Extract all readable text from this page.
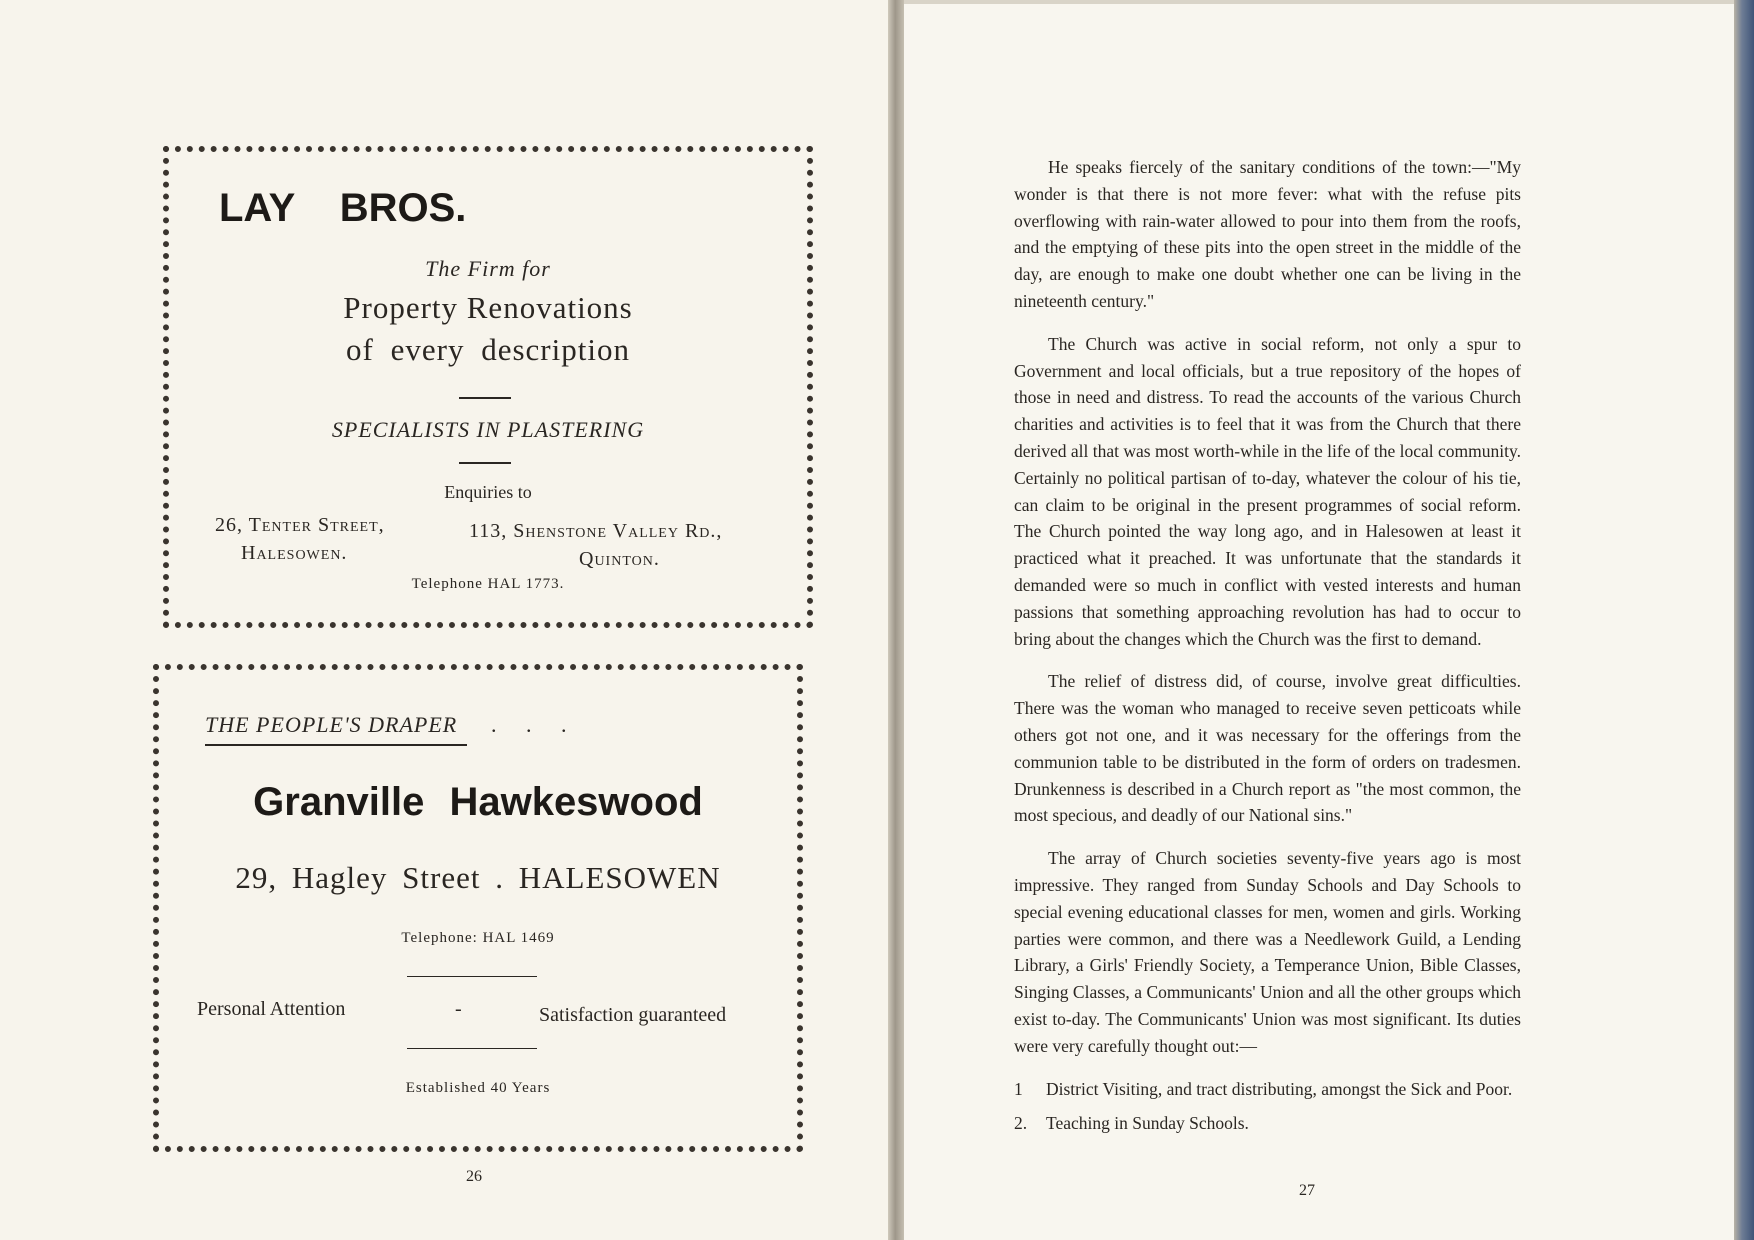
LAY BROS.
The Firm for
Property Renovations
of every description
SPECIALISTS IN PLASTERING
Enquiries to
26, Tenter Street,
Halesowen.
113, Shenstone Valley Rd.,
Quinton.
Telephone HAL 1773.
THE PEOPLE'S DRAPER . . .
Granville Hawkeswood
29, Hagley Street . HALESOWEN
Telephone: HAL 1469
Personal Attention	-	Satisfaction guaranteed
Established 40 Years
26

He speaks fiercely of the sanitary conditions of the town:—"My wonder is that there is not more fever: what with the refuse pits overflowing with rain-water allowed to pour into them from the roofs, and the emptying of these pits into the open street in the middle of the day, are enough to make one doubt whether one can be living in the nineteenth century."

The Church was active in social reform, not only a spur to Government and local officials, but a true repository of the hopes of those in need and distress. To read the accounts of the various Church charities and activities is to feel that it was from the Church that there derived all that was most worth-while in the life of the local community. Certainly no political partisan of to-day, whatever the colour of his tie, can claim to be original in the present programmes of social reform. The Church pointed the way long ago, and in Halesowen at least it practiced what it preached. It was unfortunate that the standards it demanded were so much in conflict with vested interests and human passions that something approaching revolution has had to occur to bring about the changes which the Church was the first to demand.

The relief of distress did, of course, involve great difficulties. There was the woman who managed to receive seven petticoats while others got not one, and it was necessary for the offerings from the communion table to be distributed in the form of orders on tradesmen. Drunkenness is described in a Church report as "the most common, the most specious, and deadly of our National sins."

The array of Church societies seventy-five years ago is most impressive. They ranged from Sunday Schools and Day Schools to special evening educational classes for men, women and girls. Working parties were common, and there was a Needlework Guild, a Lending Library, a Girls' Friendly Society, a Temperance Union, Bible Classes, Singing Classes, a Communicants' Union and all the other groups which exist to-day. The Communicants' Union was most significant. Its duties were very carefully thought out:—

1	District Visiting, and tract distributing, amongst the Sick and Poor.
2.	Teaching in Sunday Schools.
27
